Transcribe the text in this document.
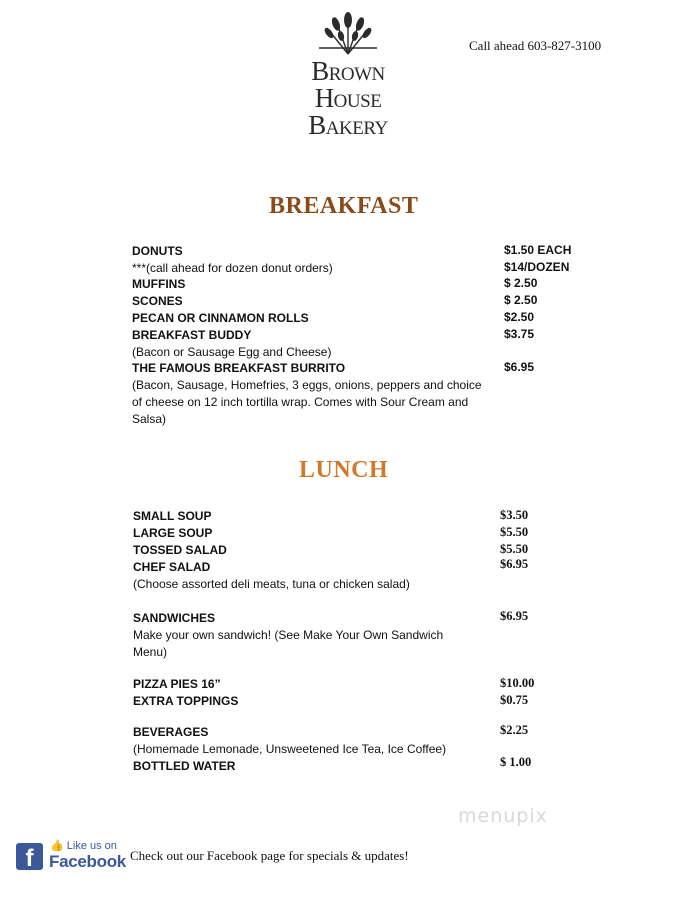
Brown
House
Bakery
Call ahead 603-827-3100
BREAKFAST
DONUTS	$1.50 EACH
***(call ahead for dozen donut orders)	$14/DOZEN
MUFFINS	$ 2.50
SCONES	$ 2.50
PECAN OR CINNAMON ROLLS	$2.50
BREAKFAST BUDDY	$3.75
(Bacon or Sausage Egg and Cheese)
THE FAMOUS BREAKFAST BURRITO	$6.95
(Bacon, Sausage, Homefries, 3 eggs, onions, peppers and choice
of cheese on 12 inch tortilla wrap. Comes with Sour Cream and
Salsa)
LUNCH
SMALL SOUP	$3.50
LARGE SOUP	$5.50
TOSSED SALAD	$5.50
CHEF SALAD	$6.95
(Choose assorted deli meats, tuna or chicken salad)
SANDWICHES	$6.95
Make your own sandwich! (See Make Your Own Sandwich
Menu)
PIZZA PIES 16”	$10.00
EXTRA TOPPINGS	$0.75
BEVERAGES	$2.25
(Homemade Lemonade, Unsweetened Ice Tea, Ice Coffee)
BOTTLED WATER	$ 1.00
menupix
f	👍 Like us on
Facebook Check out our Facebook page for specials & updates!
